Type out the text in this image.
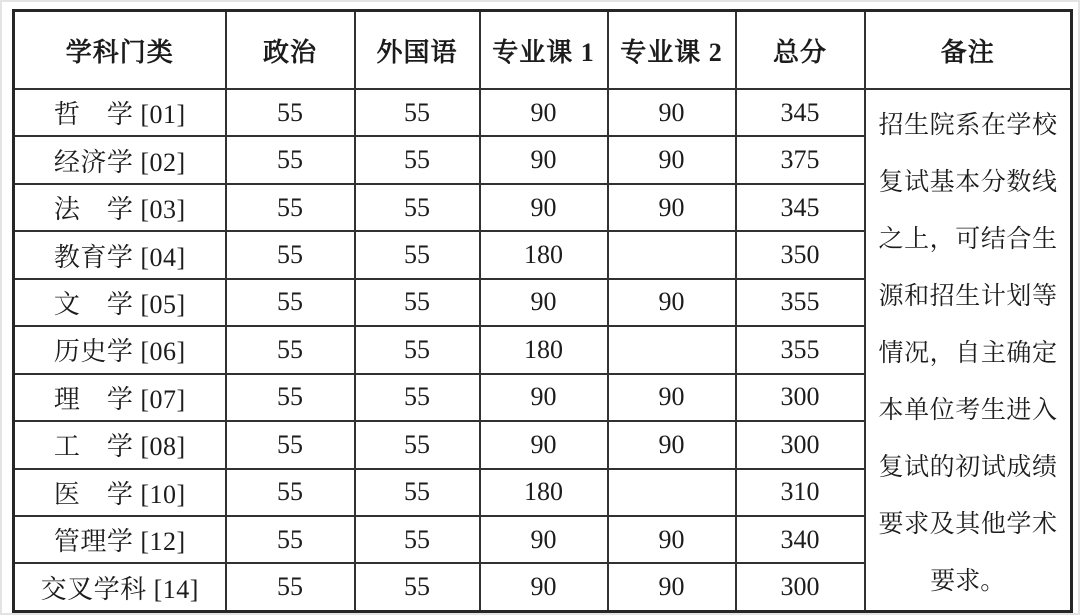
学科门类	政治	外国语	专业课 1	专业课 2	总分	备注
哲　学 [01]	55	55	90	90	345	招生院系在学校
复试基本分数线
之上，可结合生
源和招生计划等
情况，自主确定
本单位考生进入
复试的初试成绩
要求及其他学术
要求。

经济学 [02]	55	55	90	90	375	
法　学 [03]	55	55	90	90	345	
教育学 [04]	55	55	180		350	
文　学 [05]	55	55	90	90	355	
历史学 [06]	55	55	180		355	
理　学 [07]	55	55	90	90	300	
工　学 [08]	55	55	90	90	300	
医　学 [10]	55	55	180		310	
管理学 [12]	55	55	90	90	340	
交叉学科 [14]	55	55	90	90	300	
